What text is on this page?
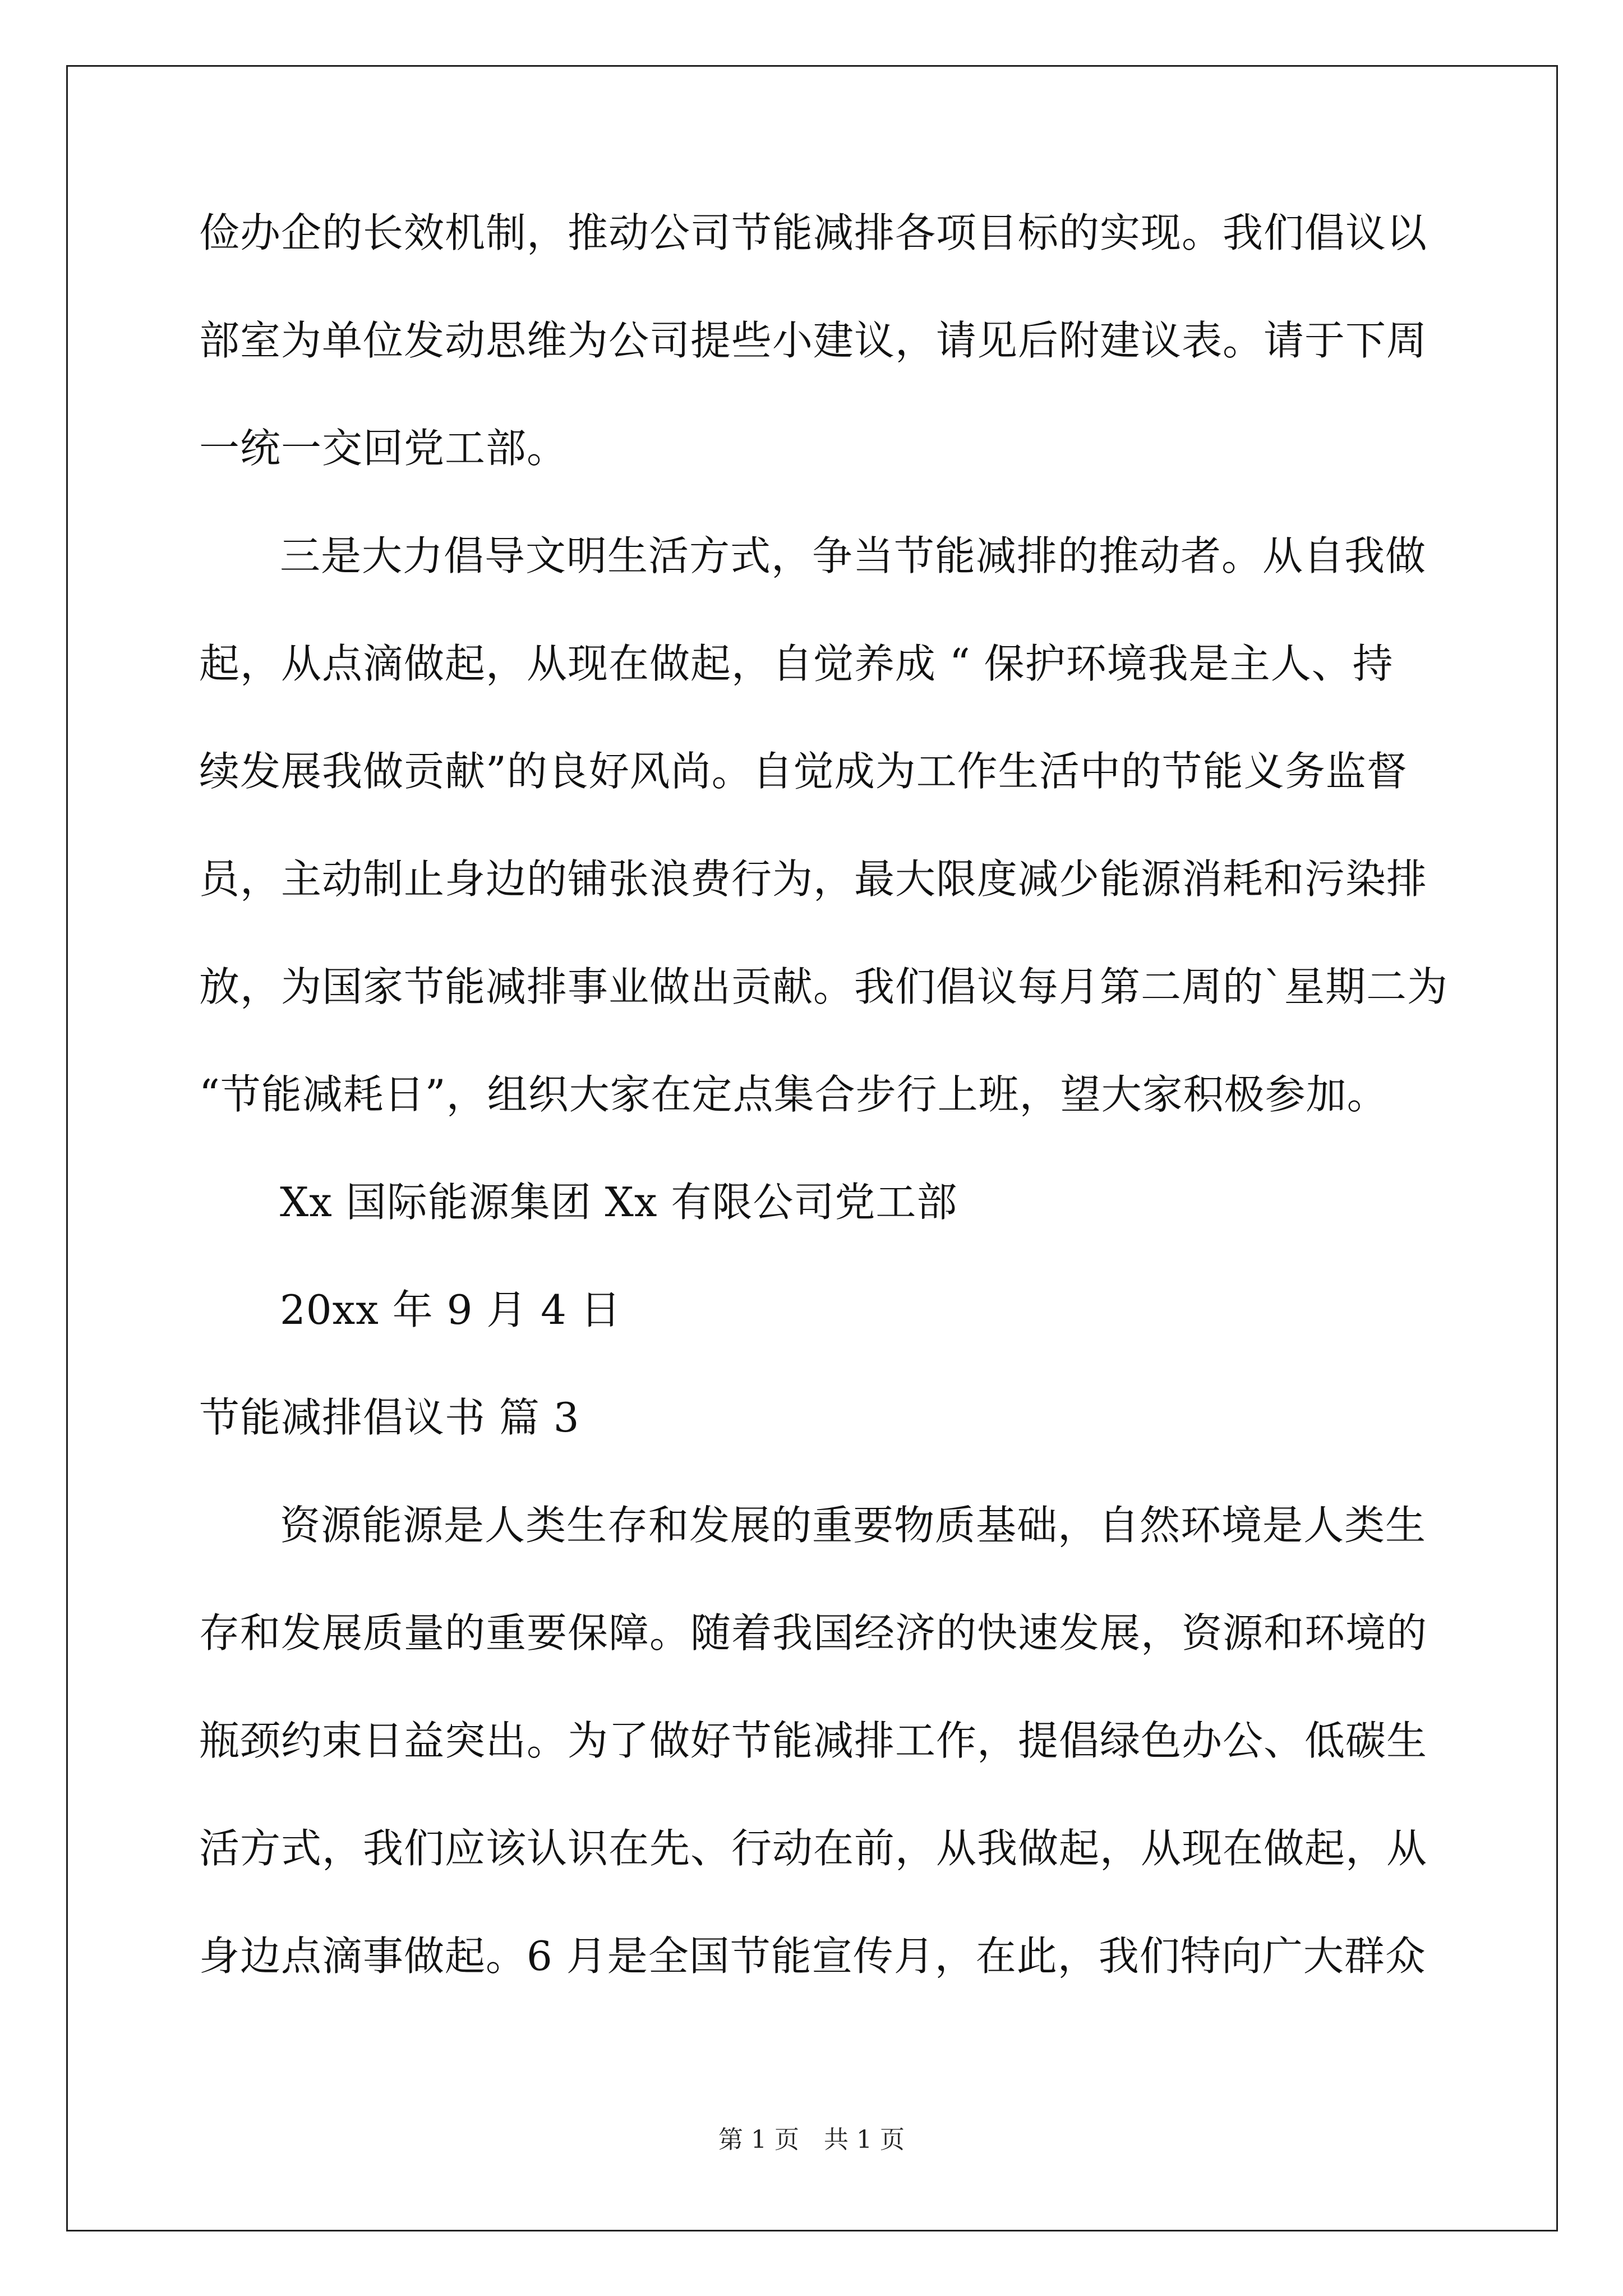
俭办企的长效机制，推动公司节能减排各项目标的实现。我们倡议以
部室为单位发动思维为公司提些小建议，请见后附建议表。请于下周
一统一交回党工部。
三是大力倡导文明生活方式，争当节能减排的推动者。从自我做
起，从点滴做起，从现在做起，自觉养成 “ 保护环境我是主人、持
续发展我做贡献”的良好风尚。自觉成为工作生活中的节能义务监督
员，主动制止身边的铺张浪费行为，最大限度减少能源消耗和污染排
放，为国家节能减排事业做出贡献。我们倡议每月第二周的`星期二为
“节能减耗日”，组织大家在定点集合步行上班，望大家积极参加。
Xx 国际能源集团 Xx 有限公司党工部
20xx 年 9 月 4 日
节能减排倡议书 篇 3
资源能源是人类生存和发展的重要物质基础，自然环境是人类生
存和发展质量的重要保障。随着我国经济的快速发展，资源和环境的
瓶颈约束日益突出。为了做好节能减排工作，提倡绿色办公、低碳生
活方式，我们应该认识在先、行动在前，从我做起，从现在做起，从
身边点滴事做起。6 月是全国节能宣传月，在此，我们特向广大群众
第 1 页　共 1 页
